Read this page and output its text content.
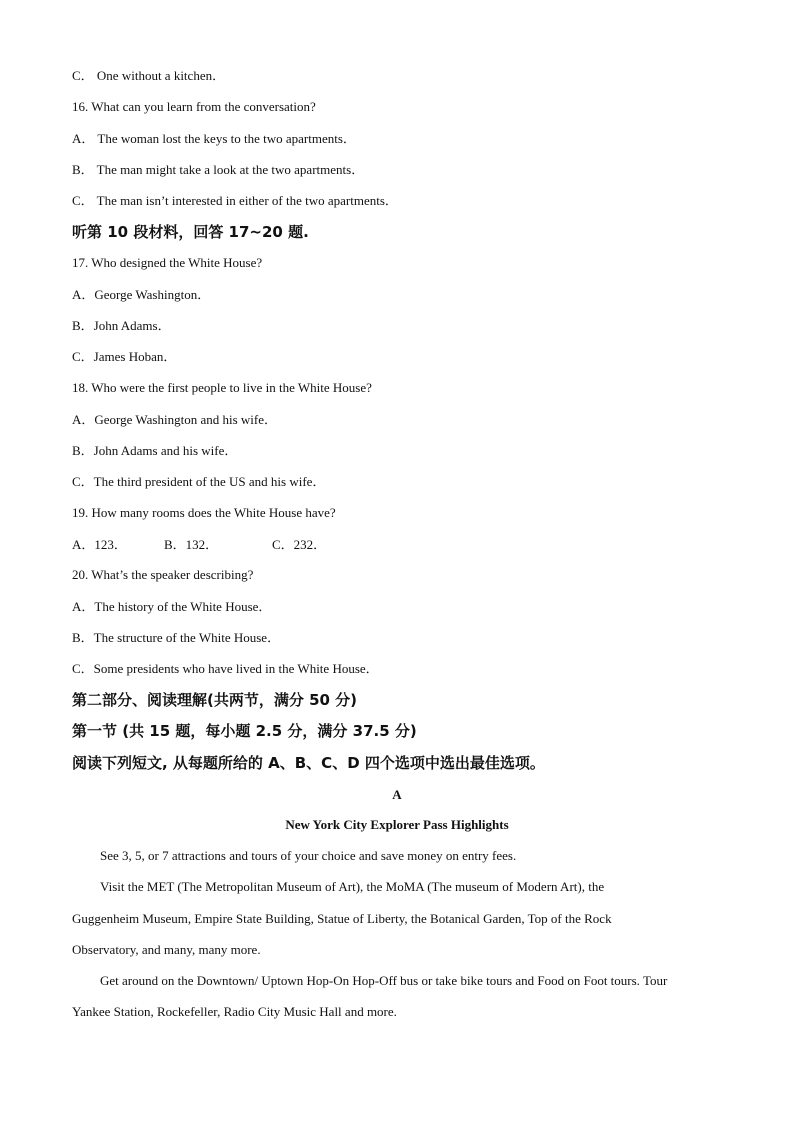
C． One without a kitchen．
16. What can you learn from the conversation?
A． The woman lost the keys to the two apartments．
B． The man might take a look at the two apartments．
C． The man isn’t interested in either of the two apartments．
听第 10 段材料，回答 17~20 题.
17. Who designed the White House?
A．George Washington．
B．John Adams．
C．James Hoban．
18. Who were the first people to live in the White House?
A．George Washington and his wife．
B．John Adams and his wife．
C．The third president of the US and his wife．
19. How many rooms does the White House have?
A．123．	B．132．	C．232．
20. What’s the speaker describing?
A．The history of the White House．
B．The structure of the White House．
C．Some presidents who have lived in the White House．
第二部分、阅读理解(共两节，满分 50 分)
第一节 (共 15 题，每小题 2.5 分，满分 37.5 分)
阅读下列短文, 从每题所给的 A、B、C、D 四个选项中选出最佳选项。
A
New York City Explorer Pass Highlights
See 3, 5, or 7 attractions and tours of your choice and save money on entry fees.
Visit the MET (The Metropolitan Museum of Art), the MoMA (The museum of Modern Art), the
Guggenheim Museum, Empire State Building, Statue of Liberty, the Botanical Garden, Top of the Rock
Observatory, and many, many more.
Get around on the Downtown/ Uptown Hop-On Hop-Off bus or take bike tours and Food on Foot tours. Tour
Yankee Station, Rockefeller, Radio City Music Hall and more.
